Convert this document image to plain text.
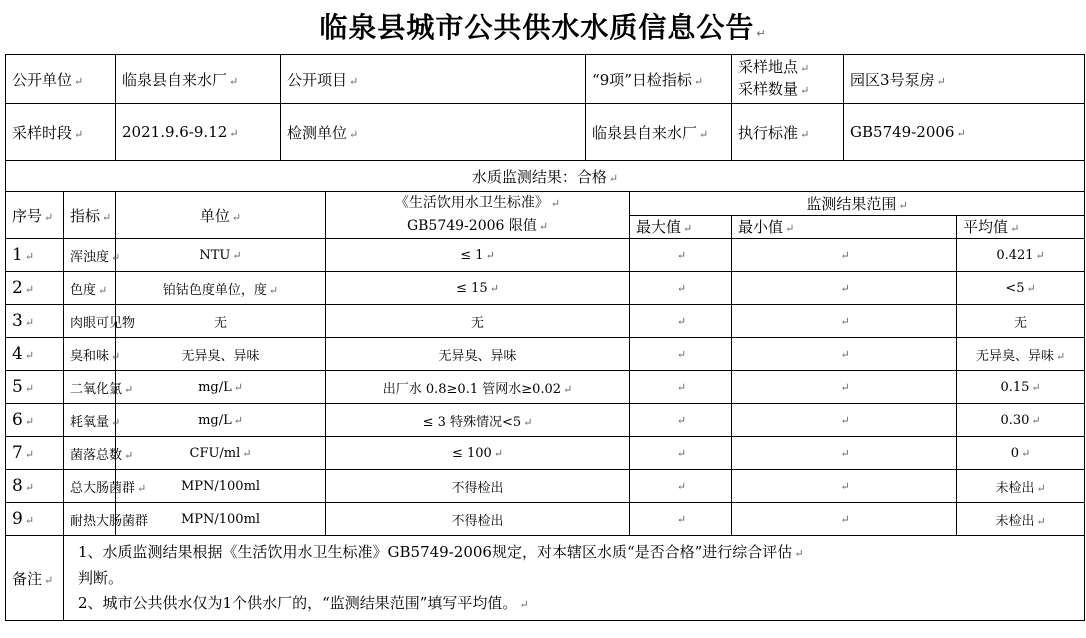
临泉县城市公共供水水质信息公告 ↵
公开单位 ↵		临泉县自来水厂 ↵	公开项目 ↵		“9项”日检指标 ↵		采样地点 ↵
采样数量 ↵	园区3号泵房 ↵	
采样时段 ↵		2021.9.6-9.12 ↵	检测单位 ↵		临泉县自来水厂 ↵		执行标准 ↵	GB5749-2006 ↵	
水质监测结果：合格 ↵									
序号 ↵	指标 ↵	单位 ↵		《生活饮用水卫生标准》 ↵
GB5749-2006 限值 ↵		监测结果范围 ↵			
						最大值 ↵	最小值 ↵		平均值 ↵
1 ↵	浑浊度 ↵	NTU ↵		≤ 1 ↵		↵	↵		0.421 ↵
2 ↵	色度 ↵	铂钴色度单位，度 ↵		≤ 15 ↵		↵	↵		<5 ↵
3 ↵	肉眼可见物	无		无		↵	↵		无
4 ↵	臭和味 ↵	无异臭、异味		无异臭、异味		↵	↵		无异臭、异味 ↵
5 ↵	二氧化氯 ↵	mg/L ↵		出厂水 0.8≥0.1 管网水≥0.02 ↵		↵	↵		0.15 ↵
6 ↵	耗氧量 ↵	mg/L ↵		≤ 3 特殊情况<5 ↵		↵	↵		0.30 ↵
7 ↵	菌落总数 ↵	CFU/ml ↵		≤ 100 ↵		↵	↵		0 ↵
8 ↵	总大肠菌群 ↵	MPN/100ml		不得检出		↵	↵		未检出 ↵
9 ↵	耐热大肠菌群	MPN/100ml		不得检出		↵	↵		未检出 ↵
备注 ↵	1、水质监测结果根据《生活饮用水卫生标准》GB5749-2006规定，对本辖区水质“是否合格”进行综合评估 ↵
判断。
2、城市公共供水仅为1个供水厂的，“监测结果范围”填写平均值。 ↵								
